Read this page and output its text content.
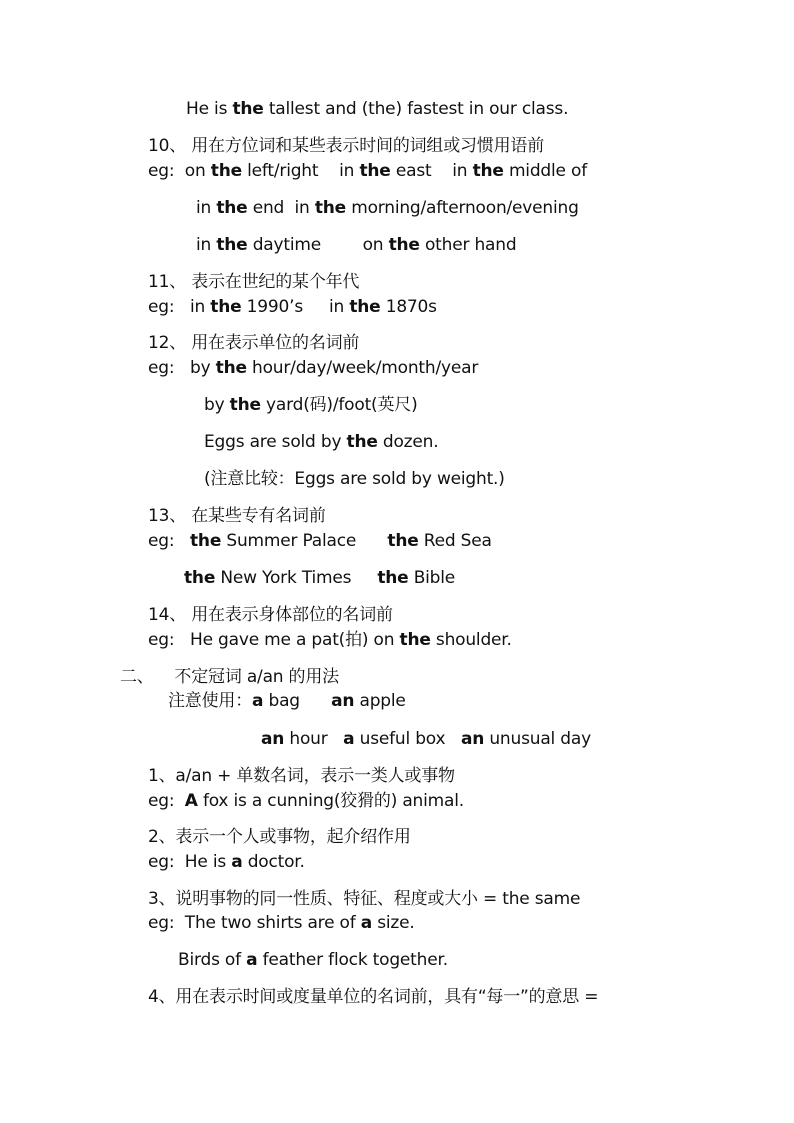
He is the tallest and (the) fastest in our class.
10、 用在方位词和某些表示时间的词组或习惯用语前
eg:  on the left/right    in the east    in the middle of
in the end  in the morning/afternoon/evening
in the daytime        on the other hand
11、 表示在世纪的某个年代
eg:   in the 1990’s     in the 1870s
12、 用在表示单位的名词前
eg:   by the hour/day/week/month/year
by the yard(码)/foot(英尺)
Eggs are sold by the dozen.
(注意比较：Eggs are sold by weight.)
13、 在某些专有名词前
eg:   the Summer Palace      the Red Sea
the New York Times     the Bible
14、 用在表示身体部位的名词前
eg:   He gave me a pat(拍) on the shoulder.
二、    不定冠词 a/an 的用法
注意使用：a bag      an apple
an hour   a useful box   an unusual day
1、a/an + 单数名词，表示一类人或事物
eg:  A fox is a cunning(狡猾的) animal.
2、表示一个人或事物，起介绍作用
eg:  He is a doctor.
3、说明事物的同一性质、特征、程度或大小 = the same
eg:  The two shirts are of a size.
Birds of a feather flock together.
4、用在表示时间或度量单位的名词前，具有“每一”的意思 =
